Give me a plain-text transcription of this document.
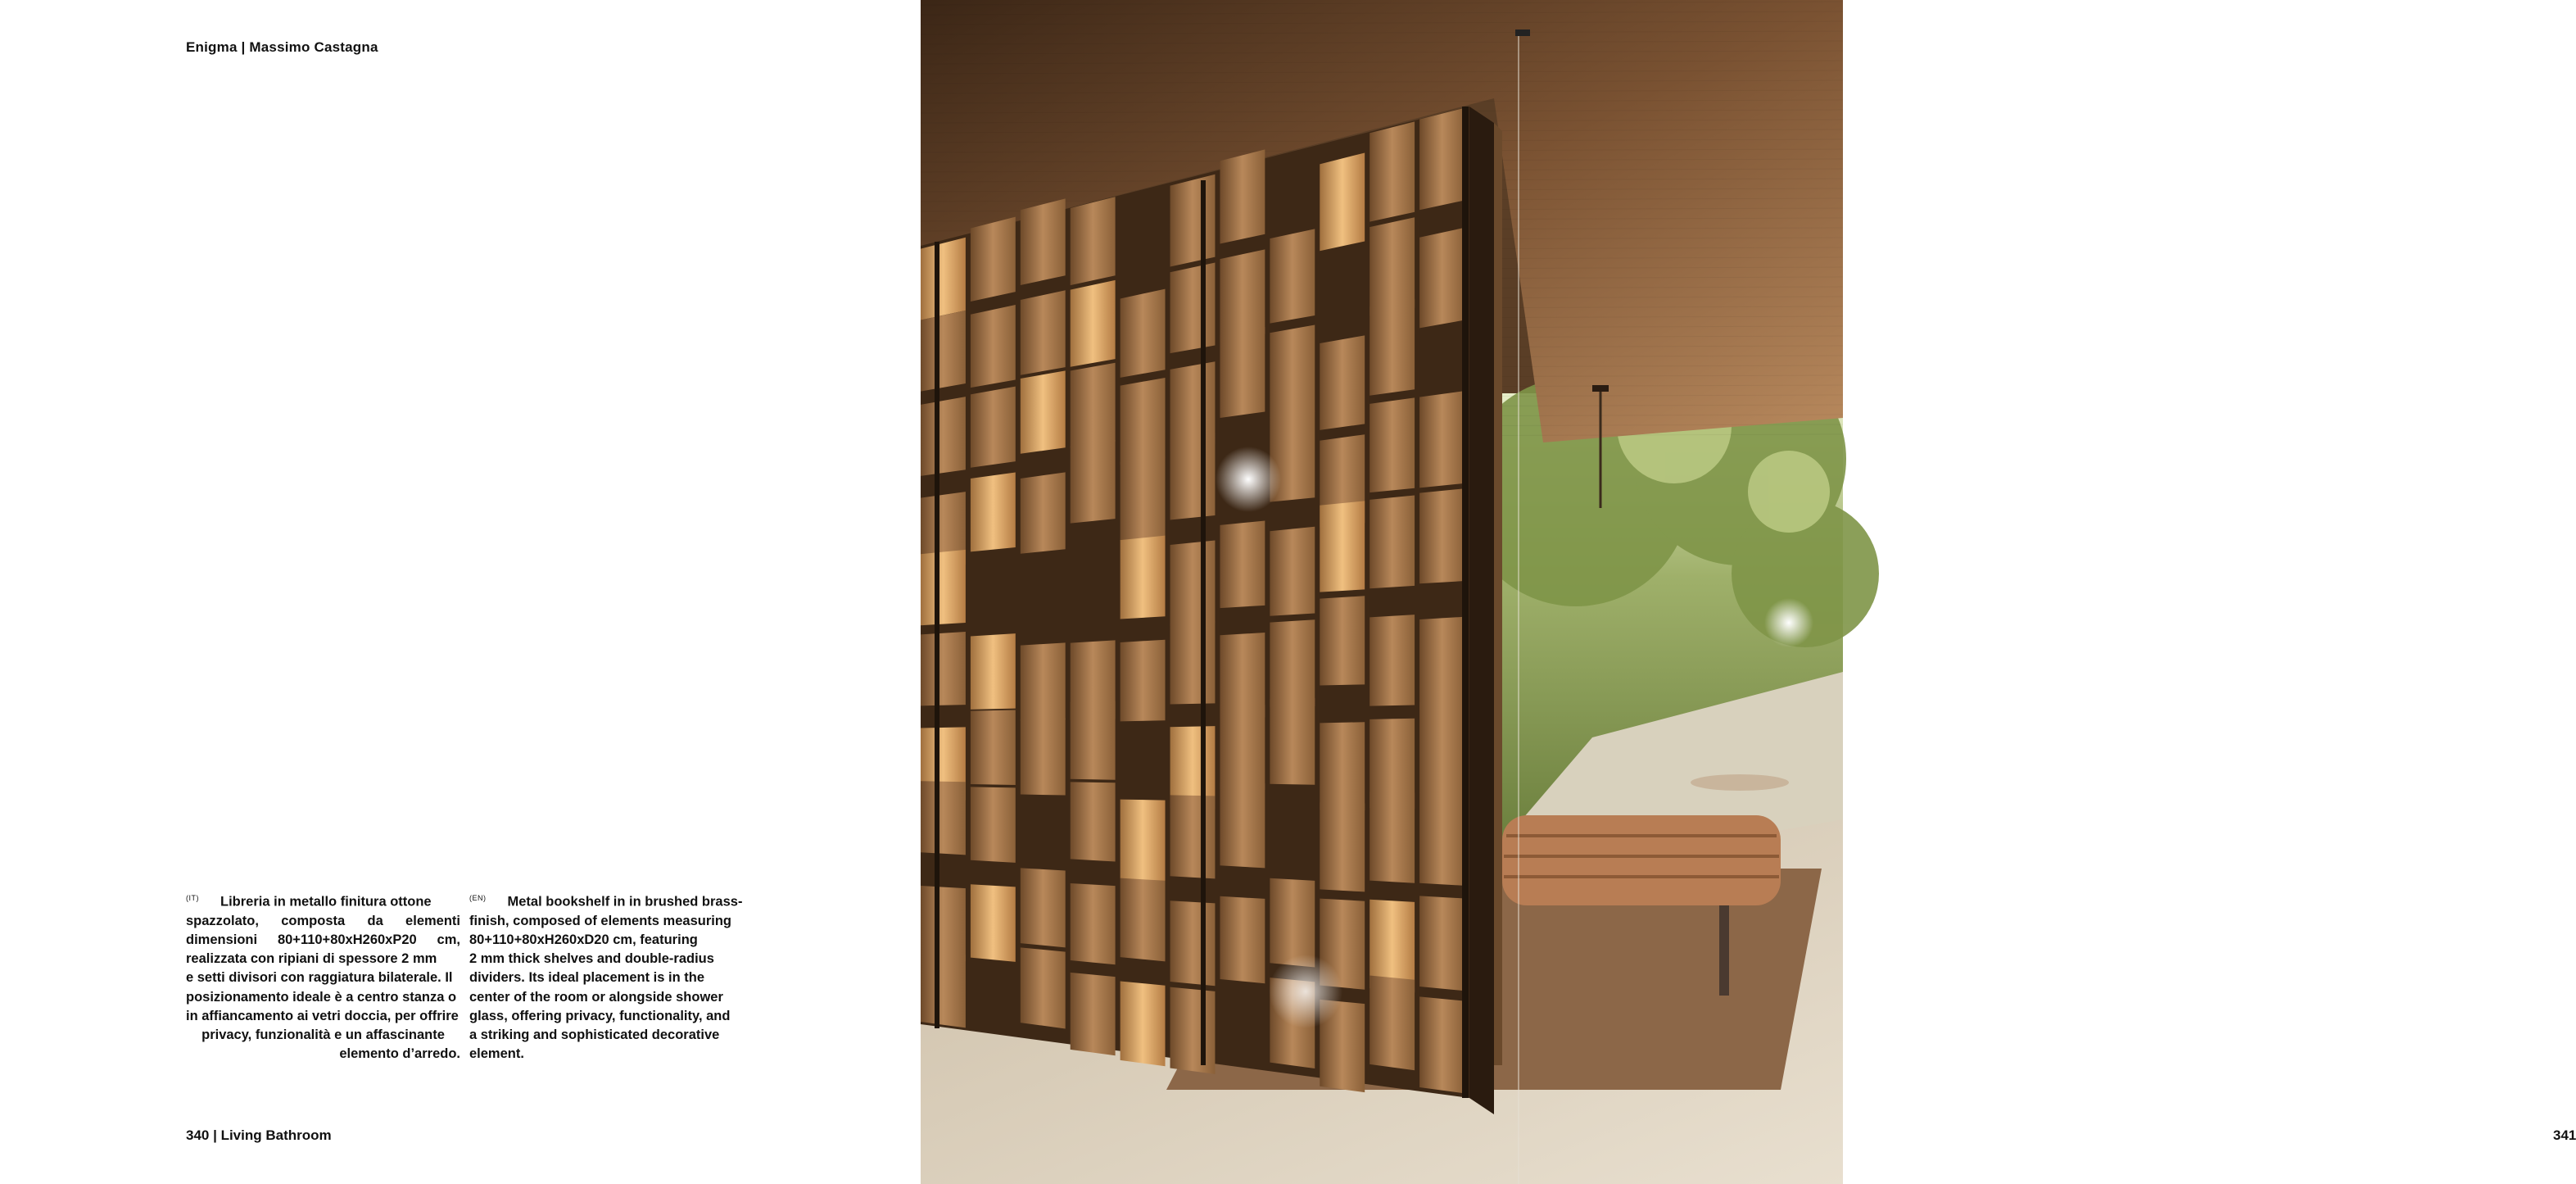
Enigma | Massimo Castagna
$^{(IT)}$ Libreria in metallo finitura ottone
spazzolato, composta da elementi
dimensioni 80+110+80xH260xP20 cm,
realizzata con ripiani di spessore 2 mm
e setti divisori con raggiatura bilaterale. Il
posizionamento ideale è a centro stanza o
in affiancamento ai vetri doccia, per offrire
privacy, funzionalità e un affascinante
elemento d’arredo.
$^{(EN)}$ Metal bookshelf in in brushed brass-
finish, composed of elements measuring
80+110+80xH260xD20 cm, featuring
2 mm thick shelves and double-radius
dividers. Its ideal placement is in the
center of the room or alongside shower
glass, offering privacy, functionality, and
a striking and sophisticated decorative
element.
340 | Living Bathroom	341
